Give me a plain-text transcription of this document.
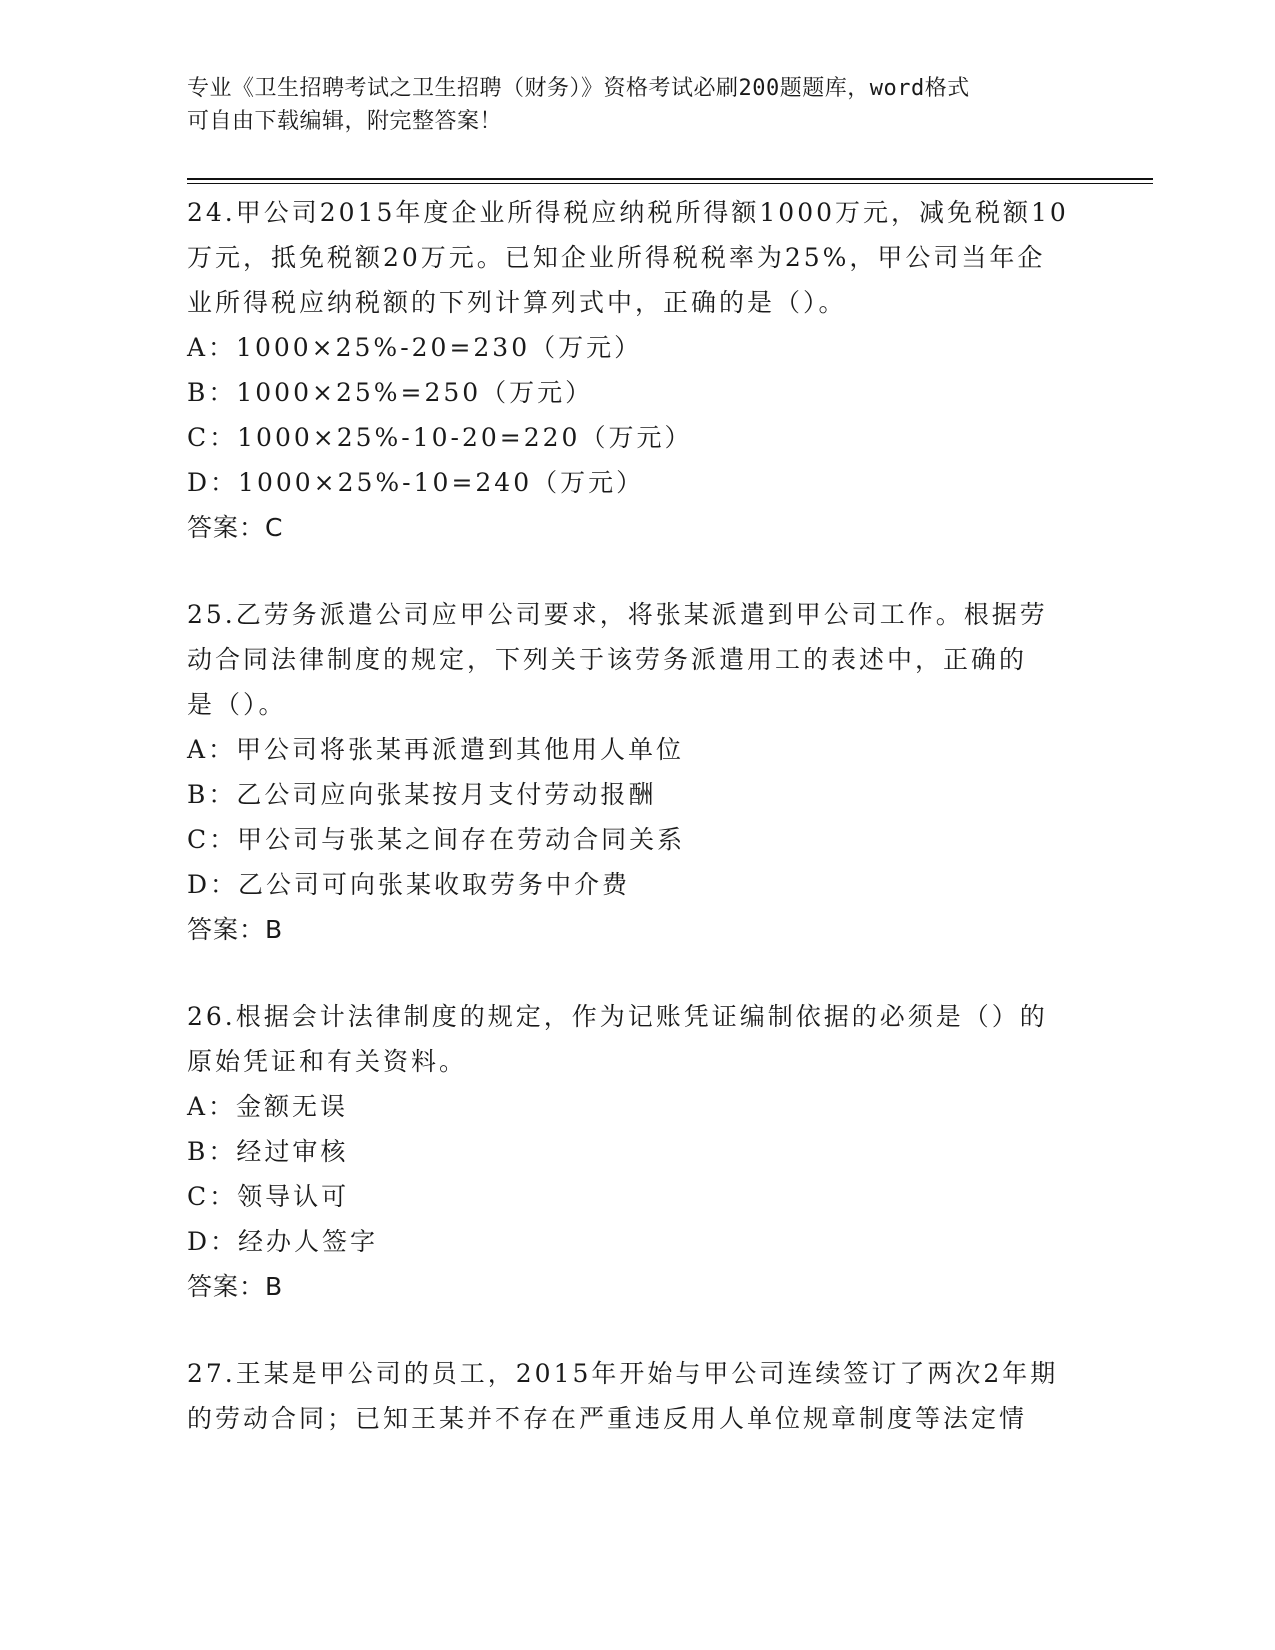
专业《卫生招聘考试之卫生招聘（财务）》资格考试必刷200题题库，word格式
可自由下载编辑，附完整答案！
24.甲公司2015年度企业所得税应纳税所得额1000万元，减免税额10
万元，抵免税额20万元。已知企业所得税税率为25%，甲公司当年企
业所得税应纳税额的下列计算列式中，正确的是（）。
A：1000×25%-20=230（万元）
B：1000×25%=250（万元）
C：1000×25%-10-20=220（万元）
D：1000×25%-10=240（万元）
答案：C
25.乙劳务派遣公司应甲公司要求，将张某派遣到甲公司工作。根据劳
动合同法律制度的规定，下列关于该劳务派遣用工的表述中，正确的
是（）。
A：甲公司将张某再派遣到其他用人单位
B：乙公司应向张某按月支付劳动报酬
C：甲公司与张某之间存在劳动合同关系
D：乙公司可向张某收取劳务中介费
答案：B
26.根据会计法律制度的规定，作为记账凭证编制依据的必须是（）的
原始凭证和有关资料。
A：金额无误
B：经过审核
C：领导认可
D：经办人签字
答案：B
27.王某是甲公司的员工，2015年开始与甲公司连续签订了两次2年期
的劳动合同；已知王某并不存在严重违反用人单位规章制度等法定情
